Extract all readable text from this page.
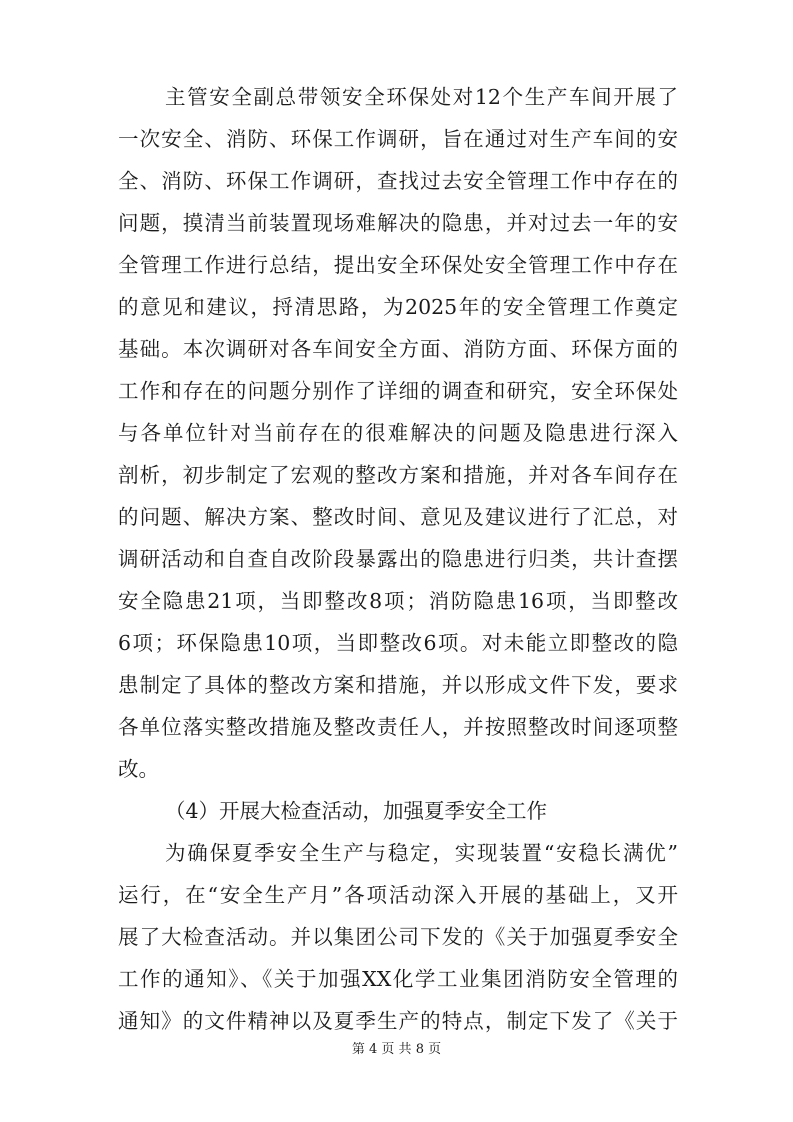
主管安全副总带领安全环保处对12个生产车间开展了
一次安全、消防、环保工作调研，旨在通过对生产车间的安
全、消防、环保工作调研，查找过去安全管理工作中存在的
问题，摸清当前装置现场难解决的隐患，并对过去一年的安
全管理工作进行总结，提出安全环保处安全管理工作中存在
的意见和建议，捋清思路，为2025年的安全管理工作奠定
基础。本次调研对各车间安全方面、消防方面、环保方面的
工作和存在的问题分别作了详细的调查和研究，安全环保处
与各单位针对当前存在的很难解决的问题及隐患进行深入
剖析，初步制定了宏观的整改方案和措施，并对各车间存在
的问题、解决方案、整改时间、意见及建议进行了汇总，对
调研活动和自查自改阶段暴露出的隐患进行归类，共计查摆
安全隐患21项，当即整改8项；消防隐患16项，当即整改
6项；环保隐患10项，当即整改6项。对未能立即整改的隐
患制定了具体的整改方案和措施，并以形成文件下发，要求
各单位落实整改措施及整改责任人，并按照整改时间逐项整
改。
（4）开展大检查活动，加强夏季安全工作
为确保夏季安全生产与稳定，实现装置“安稳长满优”
运行，在“安全生产月”各项活动深入开展的基础上，又开
展了大检查活动。并以集团公司下发的《关于加强夏季安全
工作的通知》、《关于加强XX化学工业集团消防安全管理的
通知》的文件精神以及夏季生产的特点，制定下发了《关于
第 4 页 共 8 页
